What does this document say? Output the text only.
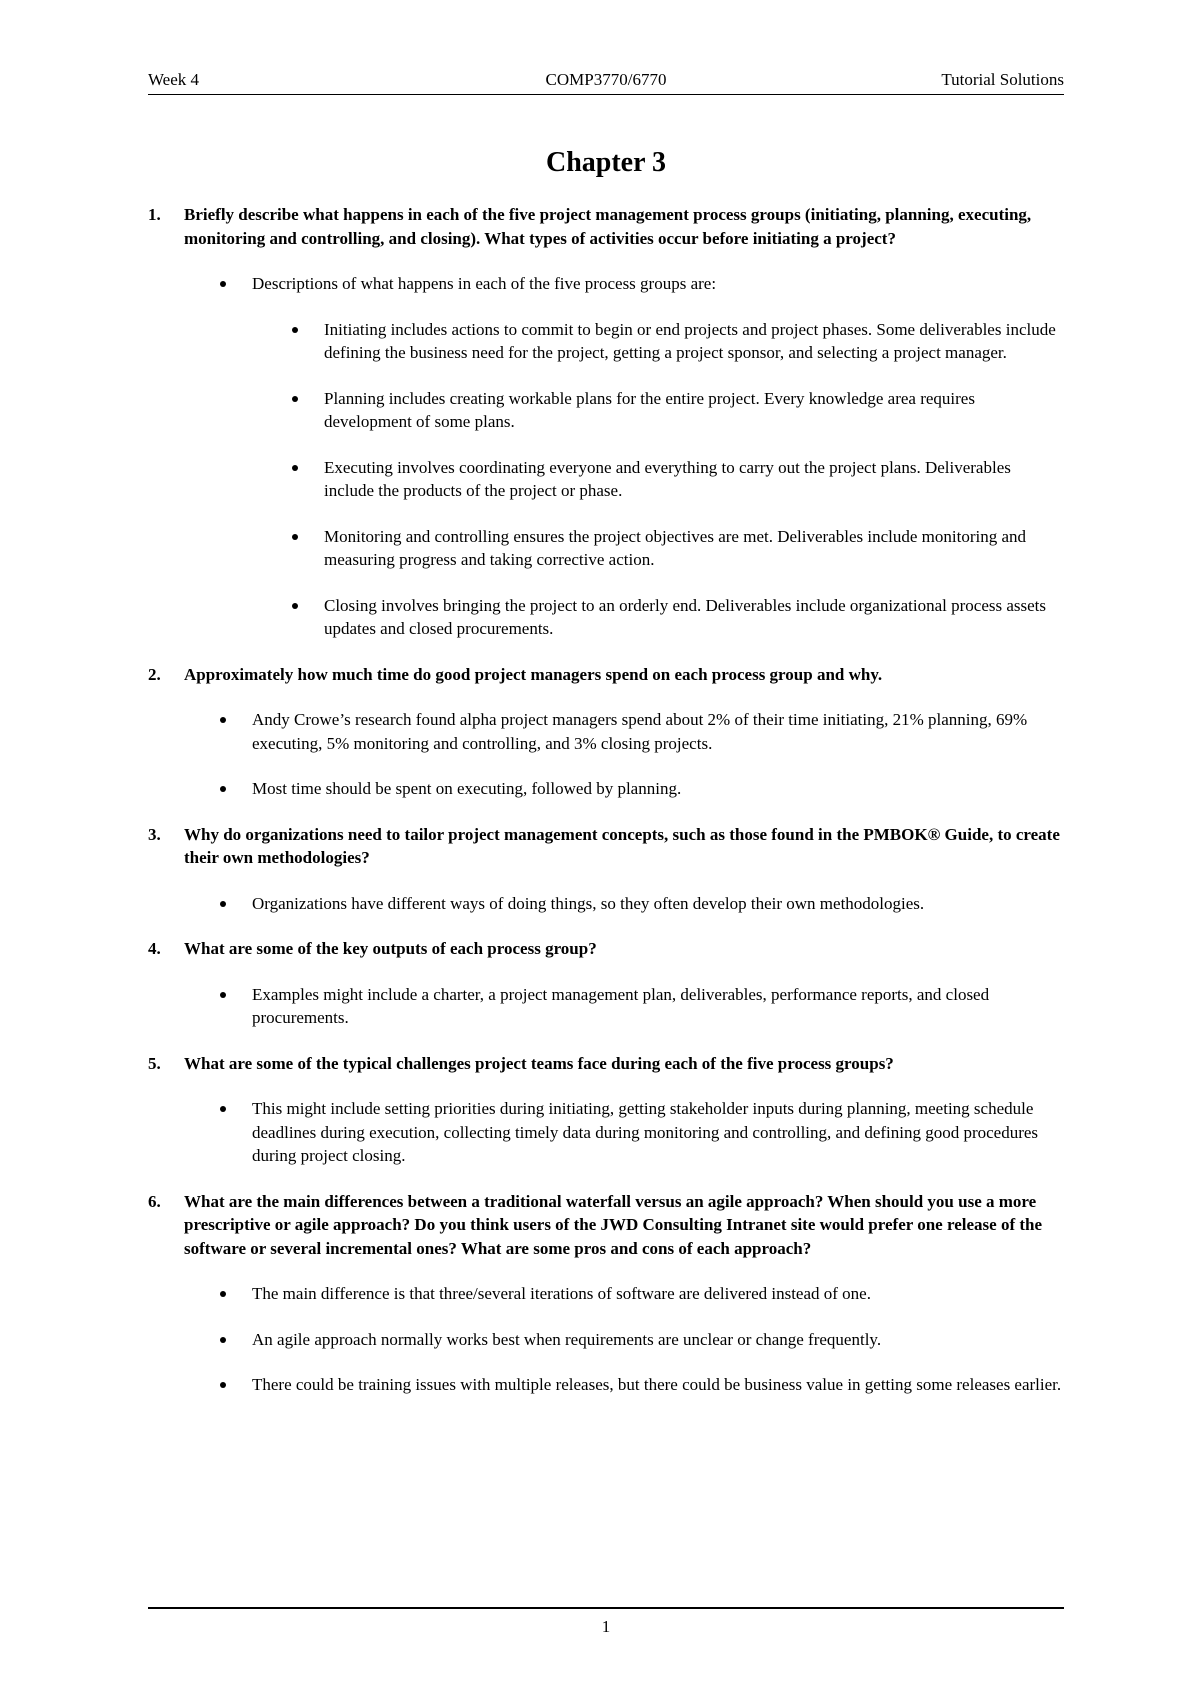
Week 4	COMP3770/6770	Tutorial Solutions
Chapter 3
1.	Briefly describe what happens in each of the five project management process groups (initiating, planning, executing, monitoring and controlling, and closing). What types of activities occur before initiating a project?
Descriptions of what happens in each of the five process groups are:
Initiating includes actions to commit to begin or end projects and project phases. Some deliverables include defining the business need for the project, getting a project sponsor, and selecting a project manager.
Planning includes creating workable plans for the entire project. Every knowledge area requires development of some plans.
Executing involves coordinating everyone and everything to carry out the project plans. Deliverables include the products of the project or phase.
Monitoring and controlling ensures the project objectives are met. Deliverables include monitoring and measuring progress and taking corrective action.
Closing involves bringing the project to an orderly end. Deliverables include organizational process assets updates and closed procurements.
2.	Approximately how much time do good project managers spend on each process group and why.
Andy Crowe’s research found alpha project managers spend about 2% of their time initiating, 21% planning, 69% executing, 5% monitoring and controlling, and 3% closing projects.
Most time should be spent on executing, followed by planning.
3.	Why do organizations need to tailor project management concepts, such as those found in the PMBOK® Guide, to create their own methodologies?
Organizations have different ways of doing things, so they often develop their own methodologies.
4.	What are some of the key outputs of each process group?
Examples might include a charter, a project management plan, deliverables, performance reports, and closed procurements.
5.	What are some of the typical challenges project teams face during each of the five process groups?
This might include setting priorities during initiating, getting stakeholder inputs during planning, meeting schedule deadlines during execution, collecting timely data during monitoring and controlling, and defining good procedures during project closing.
6.	What are the main differences between a traditional waterfall versus an agile approach? When should you use a more prescriptive or agile approach? Do you think users of the JWD Consulting Intranet site would prefer one release of the software or several incremental ones? What are some pros and cons of each approach?
The main difference is that three/several iterations of software are delivered instead of one.
An agile approach normally works best when requirements are unclear or change frequently.
There could be training issues with multiple releases, but there could be business value in getting some releases earlier.
1
